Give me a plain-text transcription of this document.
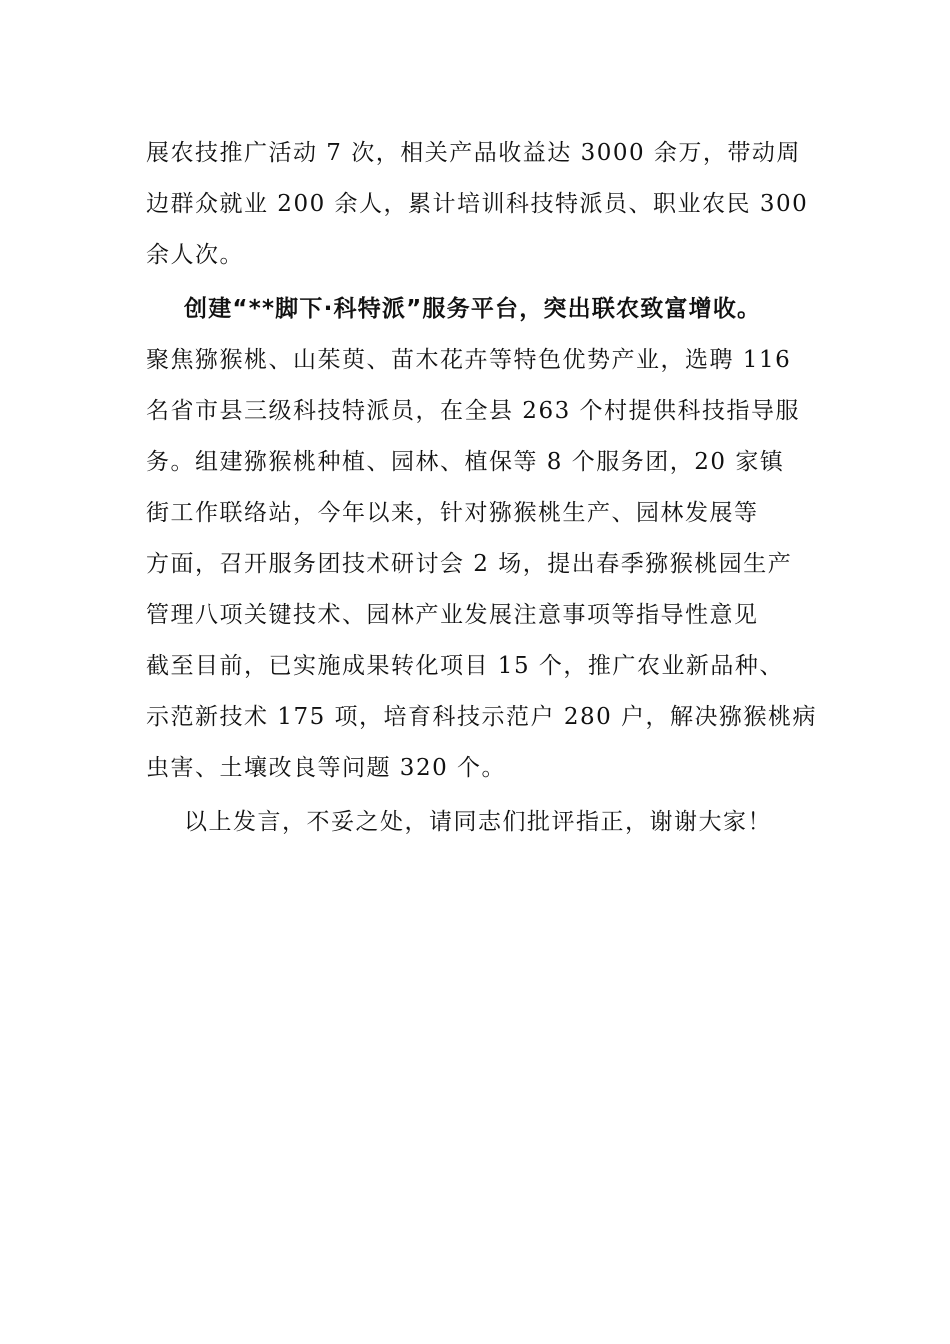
展农技推广活动 7 次，相关产品收益达 3000 余万，带动周
边群众就业 200 余人，累计培训科技特派员、职业农民 300
余人次。
创建“**脚下·科特派”服务平台，突出联农致富增收。
聚焦猕猴桃、山茱萸、苗木花卉等特色优势产业，选聘 116
名省市县三级科技特派员，在全县 263 个村提供科技指导服
务。组建猕猴桃种植、园林、植保等 8 个服务团，20 家镇
街工作联络站，今年以来，针对猕猴桃生产、园林发展等
方面，召开服务团技术研讨会 2 场，提出春季猕猴桃园生产
管理八项关键技术、园林产业发展注意事项等指导性意见
截至目前，已实施成果转化项目 15 个，推广农业新品种、
示范新技术 175 项，培育科技示范户 280 户，解决猕猴桃病
虫害、土壤改良等问题 320 个。
以上发言，不妥之处，请同志们批评指正，谢谢大家！
